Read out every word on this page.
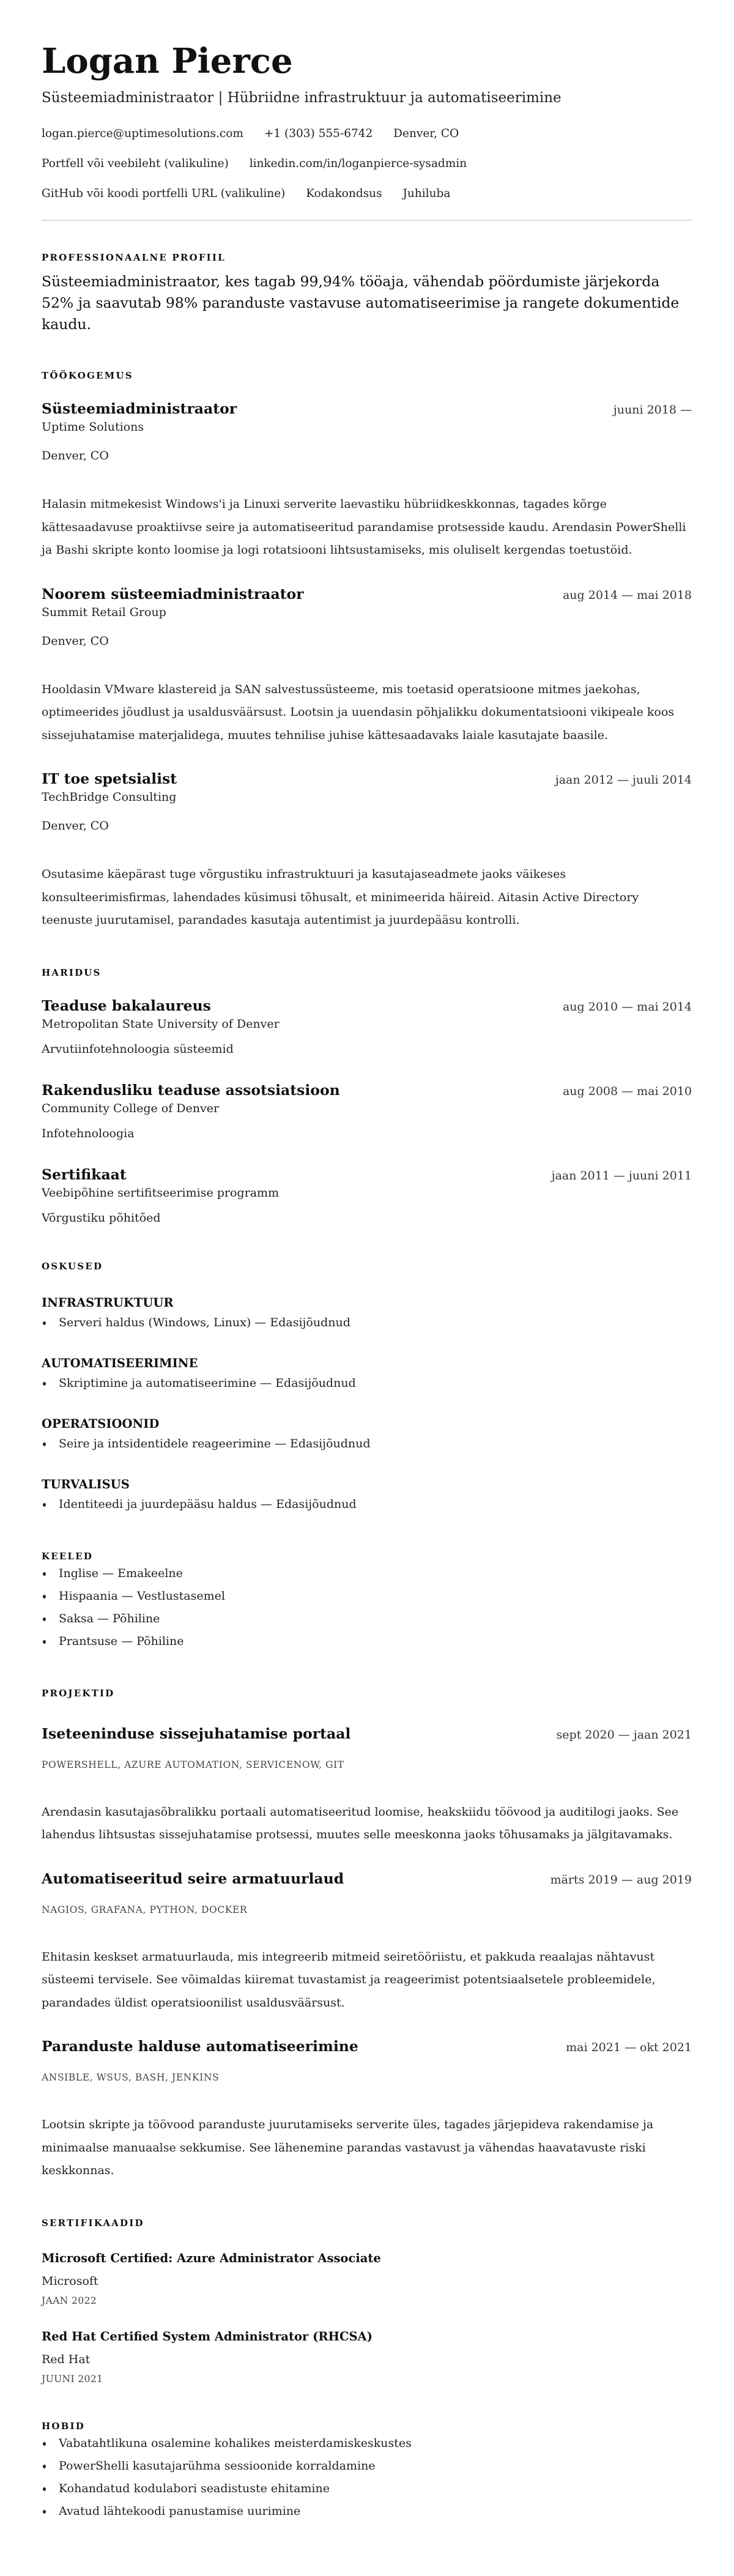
Logan Pierce
Süsteemiadministraator | Hübriidne infrastruktuur ja automatiseerimine
logan.pierce@uptimesolutions.com +1 (303) 555-6742 Denver, CO
Portfell või veebileht (valikuline) linkedin.com/in/loganpierce-sysadmin
GitHub või koodi portfelli URL (valikuline) Kodakondsus Juhiluba
PROFESSIONAALNE PROFIIL

Süsteemiadministraator, kes tagab 99,94% tööaja, vähendab pöördumiste järjekorda 52% ja saavutab 98% paranduste vastavuse automatiseerimise ja rangete dokumentide kaudu.

TÖÖKOGEMUS
Süsteemiadministraator	juuni 2018 —
Uptime Solutions
Denver, CO

Halasin mitmekesist Windows'i ja Linuxi serverite laevastiku hübriidkeskkonnas, tagades kõrge kättesaadavuse proaktiivse seire ja automatiseeritud parandamise protsesside kaudu. Arendasin PowerShelli ja Bashi skripte konto loomise ja logi rotatsiooni lihtsustamiseks, mis oluliselt kergendas toetustöid.

Noorem süsteemiadministraator	aug 2014 — mai 2018
Summit Retail Group
Denver, CO

Hooldasin VMware klastereid ja SAN salvestussüsteeme, mis toetasid operatsioone mitmes jaekohas, optimeerides jõudlust ja usaldusväärsust. Lootsin ja uuendasin põhjalikku dokumentatsiooni vikipeale koos sissejuhatamise materjalidega, muutes tehnilise juhise kättesaadavaks laiale kasutajate baasile.

IT toe spetsialist	jaan 2012 — juuli 2014
TechBridge Consulting
Denver, CO

Osutasime käepärast tuge võrgustiku infrastruktuuri ja kasutajaseadmete jaoks väikeses konsulteerimisfirmas, lahendades küsimusi tõhusalt, et minimeerida häireid. Aitasin Active Directory teenuste juurutamisel, parandades kasutaja autentimist ja juurdepääsu kontrolli.

HARIDUS
Teaduse bakalaureus	aug 2010 — mai 2014
Metropolitan State University of Denver
Arvutiinfotehnoloogia süsteemid
Rakendusliku teaduse assotsiatsioon	aug 2008 — mai 2010
Community College of Denver
Infotehnoloogia
Sertifikaat	jaan 2011 — juuni 2011
Veebipõhine sertifitseerimise programm
Võrgustiku põhitõed
OSKUSED
INFRASTRUKTUUR
Serveri haldus (Windows, Linux) — Edasijõudnud
AUTOMATISEERIMINE
Skriptimine ja automatiseerimine — Edasijõudnud
OPERATSIOONID
Seire ja intsidentidele reageerimine — Edasijõudnud
TURVALISUS
Identiteedi ja juurdepääsu haldus — Edasijõudnud
KEELED
Inglise — Emakeelne
Hispaania — Vestlustasemel
Saksa — Põhiline
Prantsuse — Põhiline
PROJEKTID
Iseteeninduse sissejuhatamise portaal	sept 2020 — jaan 2021
POWERSHELL, AZURE AUTOMATION, SERVICENOW, GIT

Arendasin kasutajasõbralikku portaali automatiseeritud loomise, heakskiidu töövood ja auditilogi jaoks. See lahendus lihtsustas sissejuhatamise protsessi, muutes selle meeskonna jaoks tõhusamaks ja jälgitavamaks.

Automatiseeritud seire armatuurlaud	märts 2019 — aug 2019
NAGIOS, GRAFANA, PYTHON, DOCKER

Ehitasin keskset armatuurlauda, mis integreerib mitmeid seiretööriistu, et pakkuda reaalajas nähtavust süsteemi tervisele. See võimaldas kiiremat tuvastamist ja reageerimist potentsiaalsetele probleemidele, parandades üldist operatsioonilist usaldusväärsust.

Paranduste halduse automatiseerimine	mai 2021 — okt 2021
ANSIBLE, WSUS, BASH, JENKINS

Lootsin skripte ja töövood paranduste juurutamiseks serverite üles, tagades järjepideva rakendamise ja minimaalse manuaalse sekkumise. See lähenemine parandas vastavust ja vähendas haavatavuste riski keskkonnas.

SERTIFIKAADID
Microsoft Certified: Azure Administrator Associate
Microsoft
JAAN 2022
Red Hat Certified System Administrator (RHCSA)
Red Hat
JUUNI 2021
HOBID
Vabatahtlikuna osalemine kohalikes meisterdamiskeskustes
PowerShelli kasutajarühma sessioonide korraldamine
Kohandatud kodulabori seadistuste ehitamine
Avatud lähtekoodi panustamise uurimine
